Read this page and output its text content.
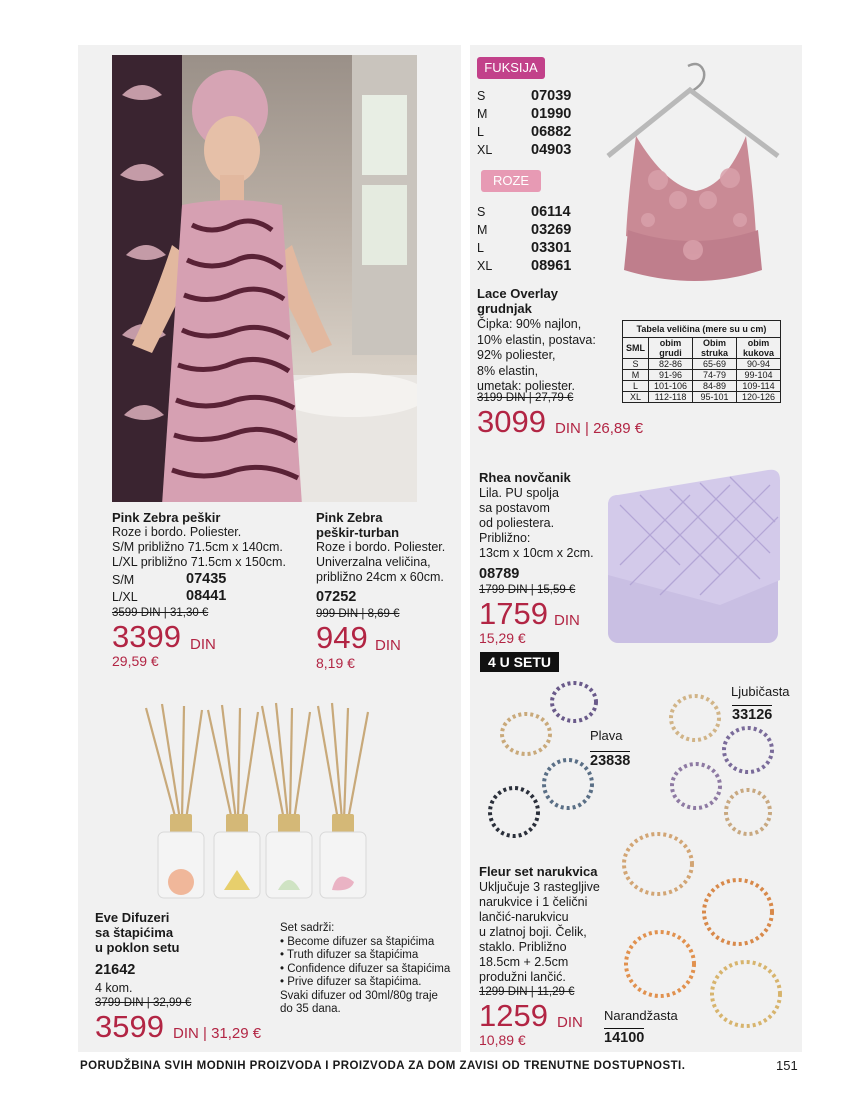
Pink Zebra peškir
Roze i bordo. Poliester.
S/M približno 71.5cm x 140cm.
L/XL približno 71.5cm x 150cm.
S/M	07435
L/XL	08441
3599 DIN | 31,30 €
3399 DIN
29,59 €
Pink Zebra
peškir-turban
Roze i bordo. Poliester.
Univerzalna veličina,
približno 24cm x 60cm.
07252
999 DIN | 8,69 €
949 DIN
8,19 €
Eve Difuzeri
sa štapićima
u poklon setu
21642
4 kom.
3799 DIN | 32,99 €
3599 DIN | 31,29 €
Set sadrži:
• Become difuzer sa štapićima
• Truth difuzer sa štapićima
• Confidence difuzer sa štapićima
• Prive difuzer sa štapićima.
Svaki difuzer od 30ml/80g traje
do 35 dana.
FUKSIJA
S	07039
M	01990
L	06882
XL	04903
ROZE
S	06114
M	03269
L	03301
XL	08961
Lace Overlay
grudnjak
Čipka: 90% najlon,
10% elastin, postava:
92% poliester,
8% elastin,
umetak: poliester.
3199 DIN | 27,79 €
3099 DIN | 26,89 €
Tabela veličina (mere su u cm)			
SML	obim grudi	Obim struka	obim kukova
S	82-86	65-69	90-94
M	91-96	74-79	99-104
L	101-106	84-89	109-114
XL	112-118	95-101	120-126
Rhea novčanik
Lila. PU spolja
sa postavom
od poliestera.
Približno:
13cm x 10cm x 2cm.
08789
1799 DIN | 15,59 €
1759 DIN
15,29 €
4 U SETU
Plava
23838
Ljubičasta
33126
Narandžasta
14100
Fleur set narukvica
Uključuje 3 rastegljive
narukvice i 1 čelični
lančić-narukvicu
u zlatnoj boji. Čelik,
staklo. Približno
18.5cm + 2.5cm
produžni lančić.
1299 DIN | 11,29 €
1259 DIN
10,89 €
PORUDŽBINA SVIH MODNIH PROIZVODA I PROIZVODA ZA DOM ZAVISI OD TRENUTNE DOSTUPNOSTI.	151
